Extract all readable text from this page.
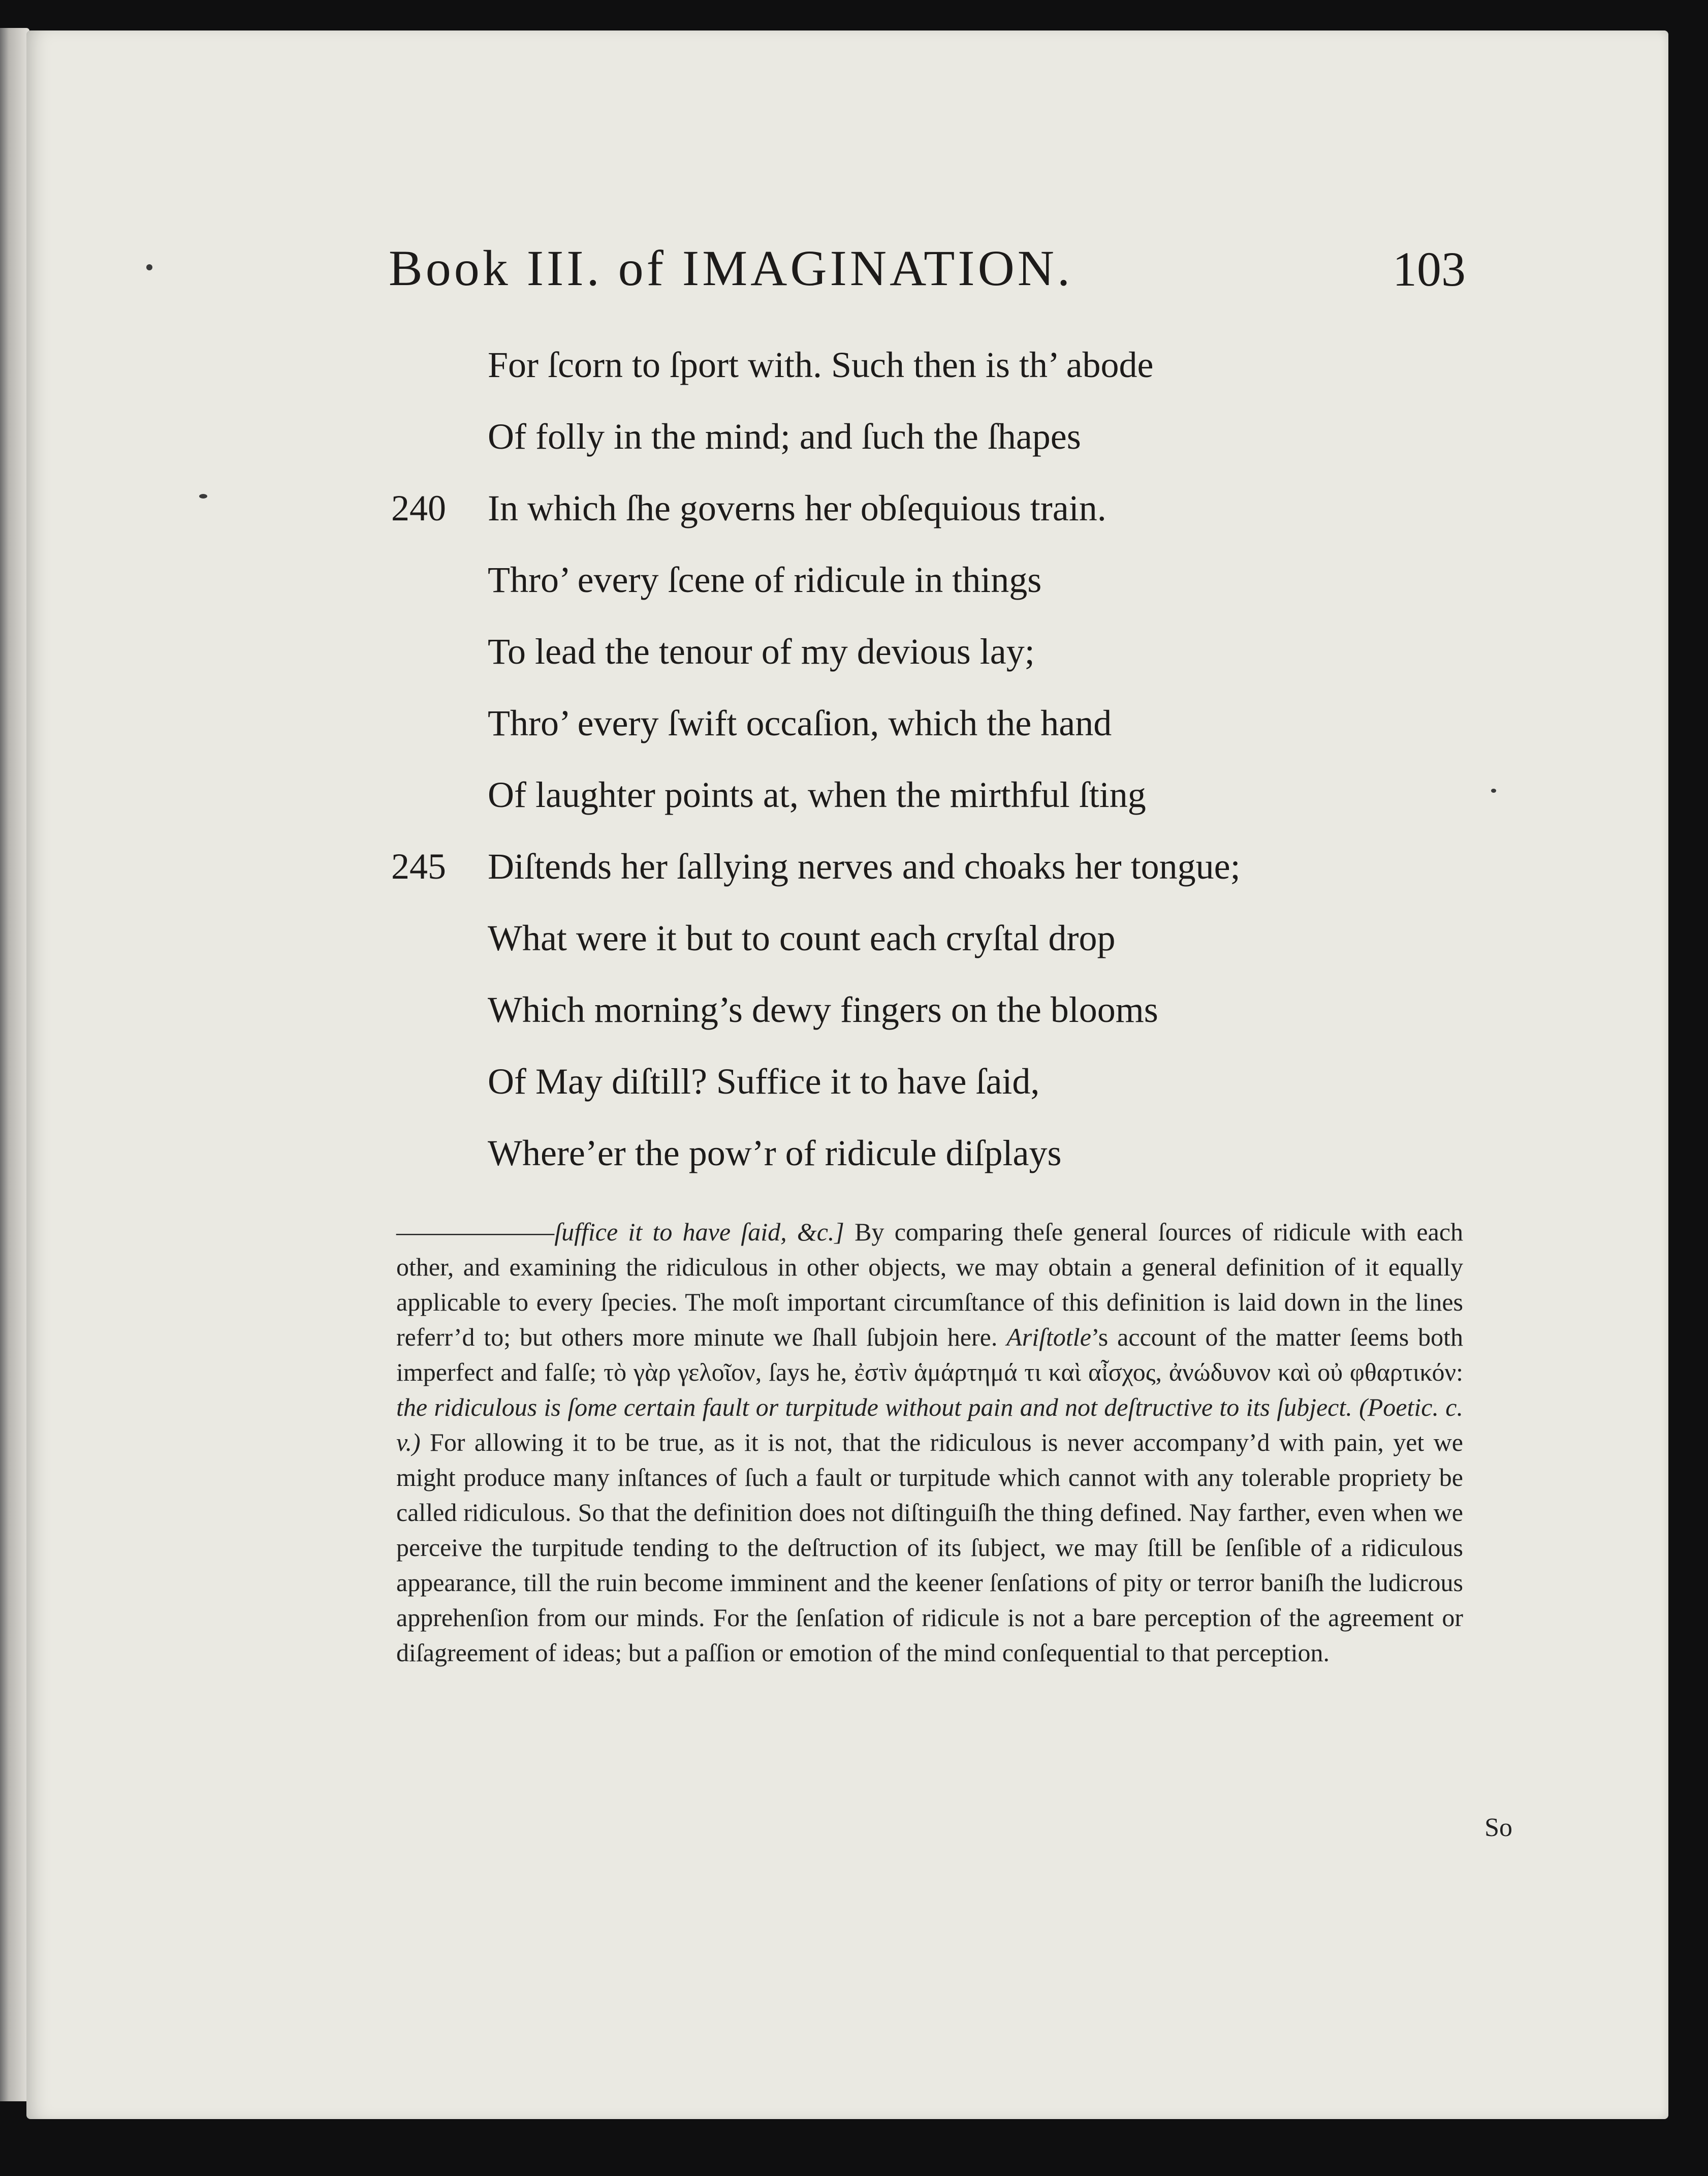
Book III. of IMAGINATION.	103
For ſcorn to ſport with. Such then is th’ abode
Of folly in the mind; and ſuch the ſhapes
240 In which ſhe governs her obſequious train.
Thro’ every ſcene of ridicule in things
To lead the tenour of my devious lay;
Thro’ every ſwift occaſion, which the hand
Of laughter points at, when the mirthful ſting
245 Diſtends her ſallying nerves and choaks her tongue;
What were it but to count each cryſtal drop
Which morning’s dewy fingers on the blooms
Of May diſtill? Suffice it to have ſaid,
Where’er the pow’r of ridicule diſplays
———————ſuffice it to have ſaid, &c.] By comparing theſe general ſources of ridicule with each other, and examining the ridiculous in other objects, we may obtain a general definition of it equally applicable to every ſpecies. The moſt important circumſtance of this definition is laid down in the lines referr’d to; but others more minute we ſhall ſubjoin here. Ariſtotle’s account of the matter ſeems both imperfect and falſe; τὸ γὰρ γελοῖον, ſays he, ἐστὶν ἁμάρτημά τι καὶ αἶσχος, ἀνώδυνον καὶ οὐ φθαρτικόν: the ridiculous is ſome certain fault or turpitude without pain and not deſtructive to its ſubject. (Poetic. c. v.) For allowing it to be true, as it is not, that the ridiculous is never accompany’d with pain, yet we might produce many inſtances of ſuch a fault or turpitude which cannot with any tolerable propriety be called ridiculous. So that the definition does not diſtinguiſh the thing defined. Nay farther, even when we perceive the turpitude tending to the deſtruction of its ſubject, we may ſtill be ſenſible of a ridiculous appearance, till the ruin become imminent and the keener ſenſations of pity or terror baniſh the ludicrous apprehenſion from our minds. For the ſenſation of ridicule is not a bare perception of the agreement or diſagreement of ideas; but a paſſion or emotion of the mind conſequential to that perception.
So
